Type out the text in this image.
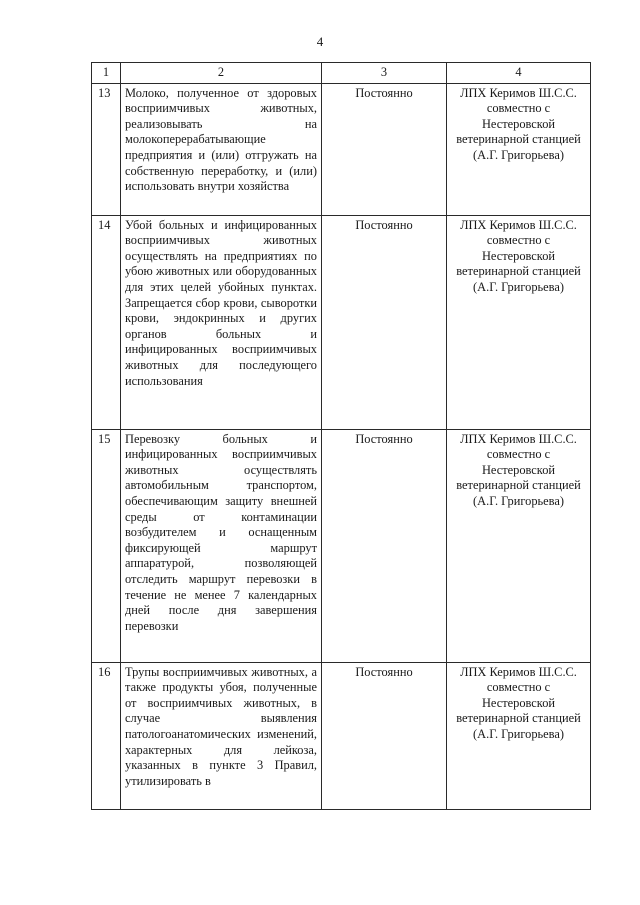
4
1	2	3	4
13	Молоко, полученное от здоровых восприимчивых животных, реализовывать на молокоперерабатывающие предприятия и (или) отгружать на собственную переработку, и (или) использовать внутри хозяйства	Постоянно	ЛПХ Керимов Ш.С.С. совместно с Нестеровской ветеринарной станцией (А.Г. Григорьева)
14	Убой больных и инфицированных восприимчивых животных осуществлять на предприятиях по убою животных или оборудованных для этих целей убойных пунктах. Запрещается сбор крови, сыворотки крови, эндокринных и других органов больных и инфицированных восприимчивых животных для последующего использования	Постоянно	ЛПХ Керимов Ш.С.С. совместно с Нестеровской ветеринарной станцией (А.Г. Григорьева)
15	Перевозку больных и инфицированных восприимчивых животных осуществлять автомобильным транспортом, обеспечивающим защиту внешней среды от контаминации возбудителем и оснащенным фиксирующей маршрут аппаратурой, позволяющей отследить маршрут перевозки в течение не менее 7 календарных дней после дня завершения перевозки	Постоянно	ЛПХ Керимов Ш.С.С. совместно с Нестеровской ветеринарной станцией (А.Г. Григорьева)
16	Трупы восприимчивых животных, а также продукты убоя, полученные от восприимчивых животных, в случае выявления патологоанатомических изменений, характерных для лейкоза, указанных в пункте 3 Правил, утилизировать в	Постоянно	ЛПХ Керимов Ш.С.С. совместно с Нестеровской ветеринарной станцией (А.Г. Григорьева)
